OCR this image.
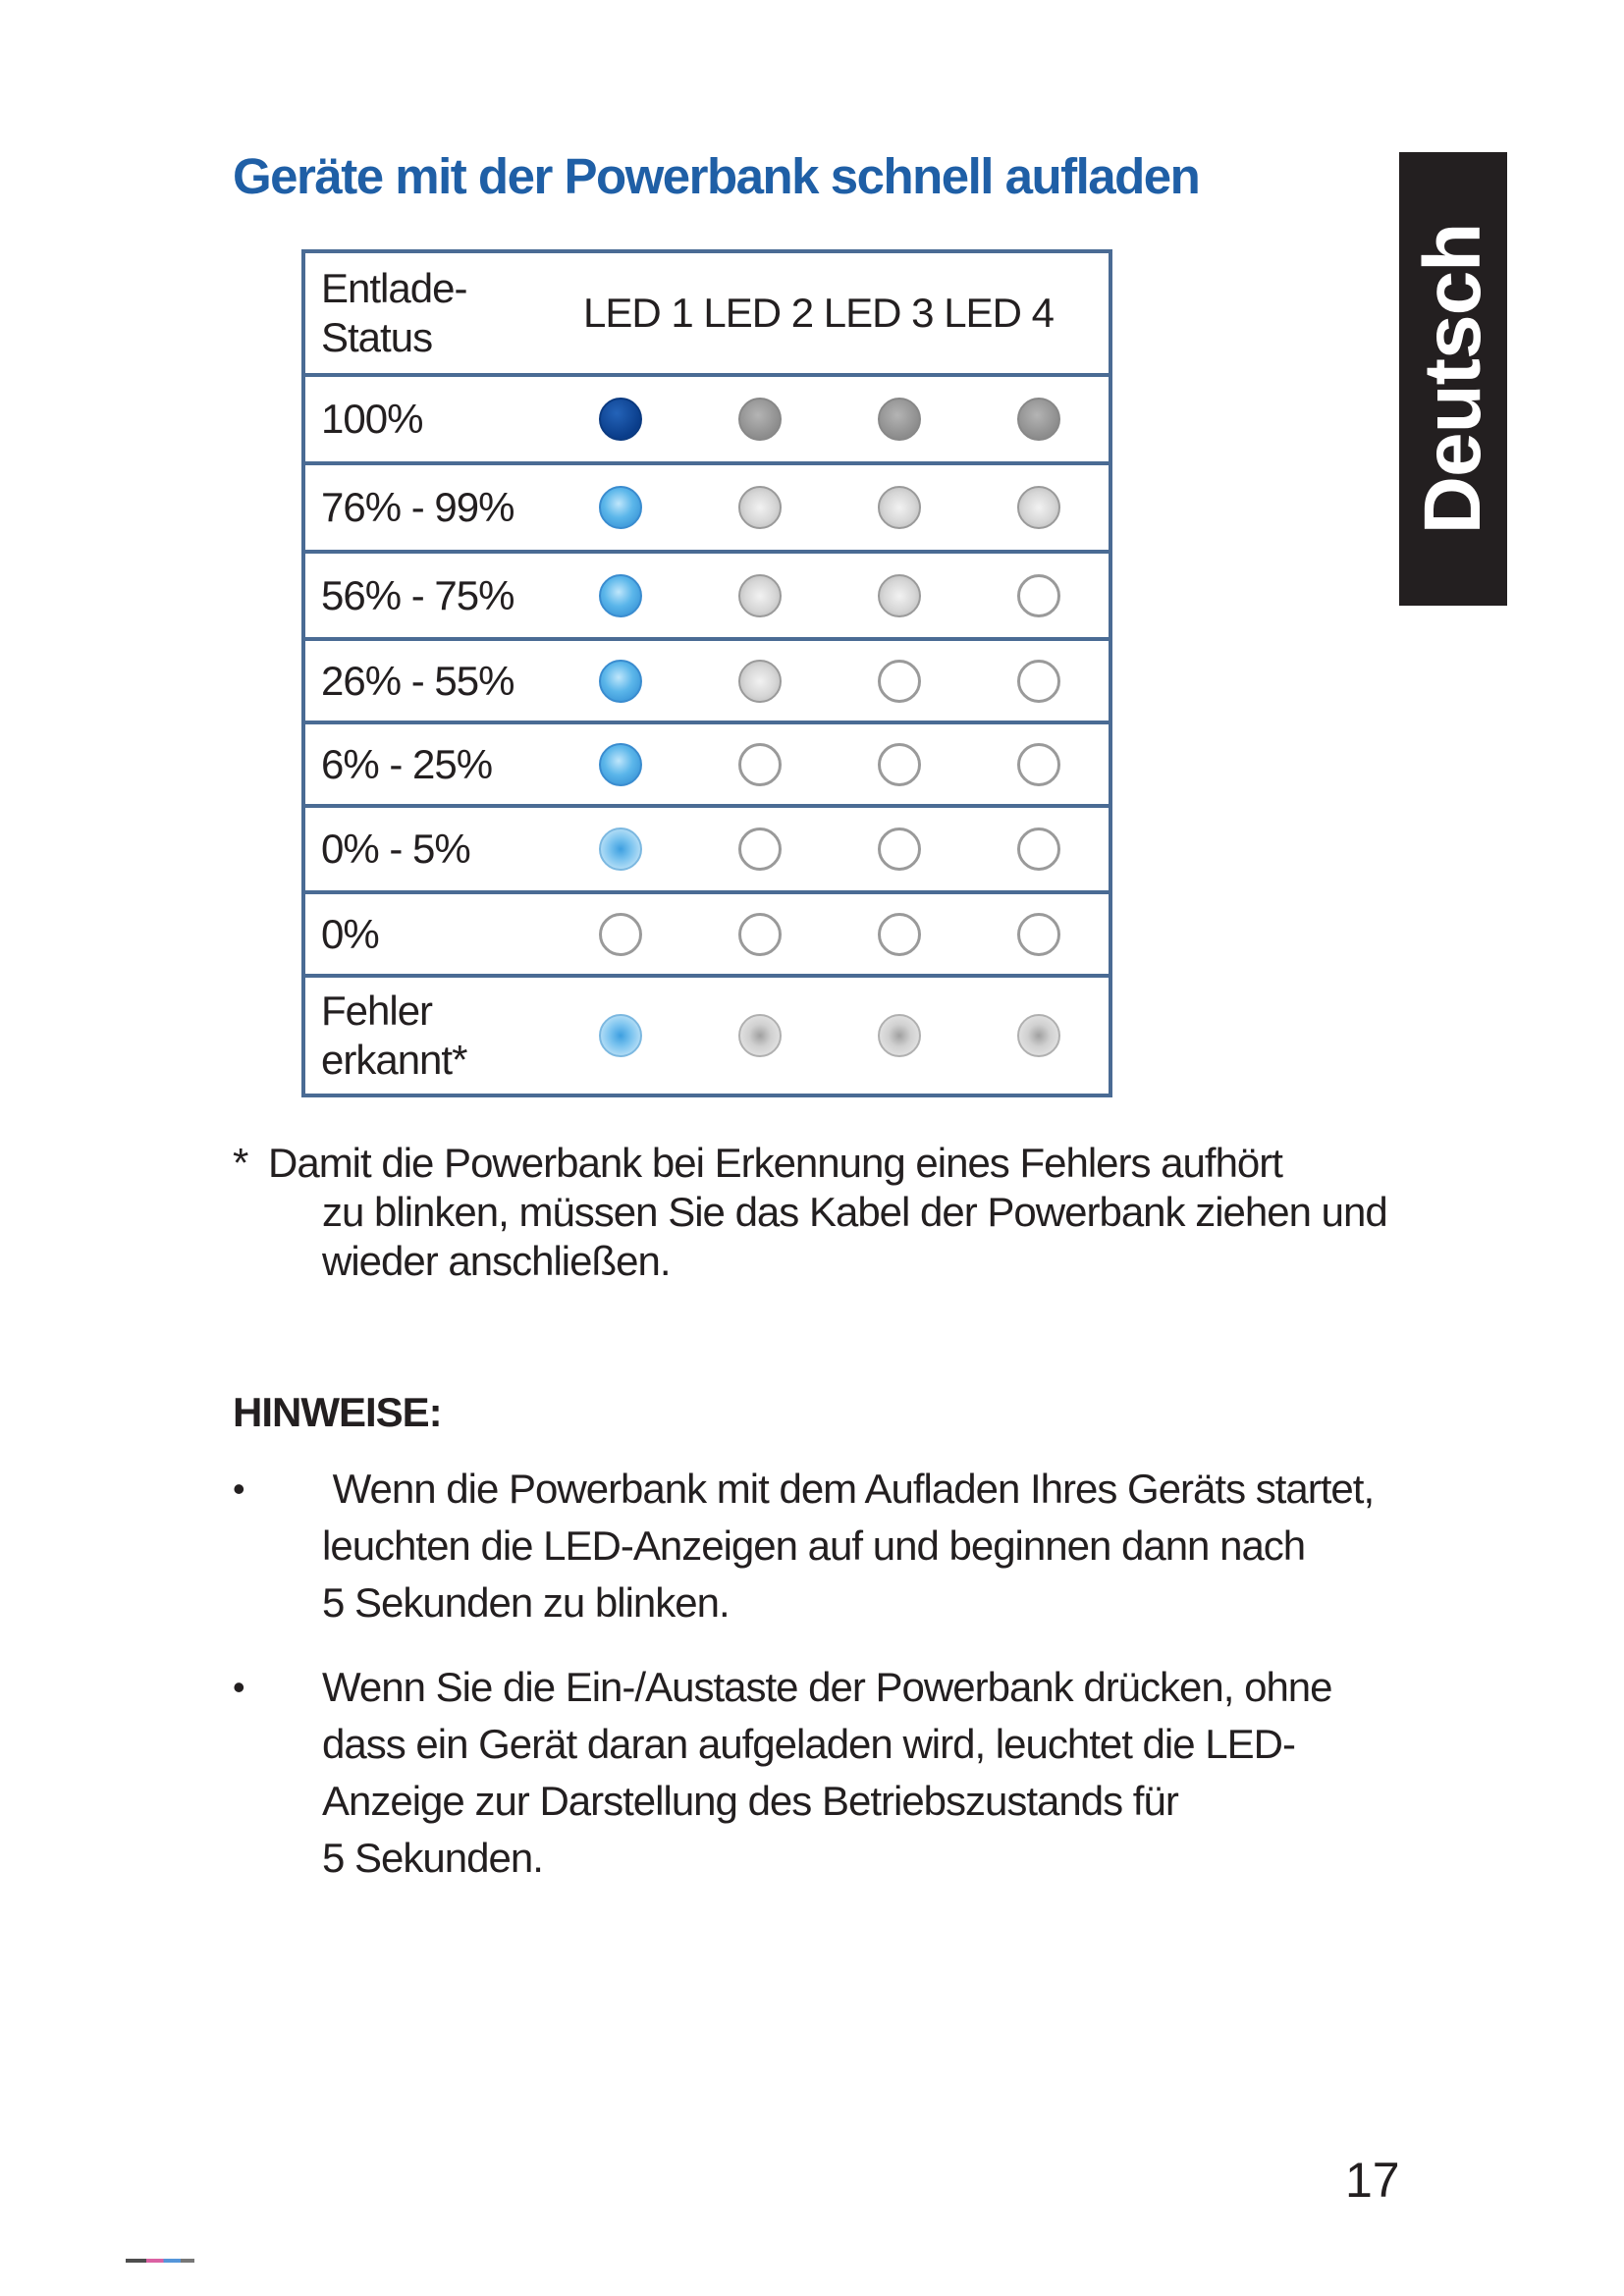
Geräte mit der Powerbank schnell aufladen
Deutsch
Entlade-
Status
LED 1 LED 2 LED 3 LED 4
100%
76% - 99%
56% - 75%
26% - 55%
6% - 25%
0% - 5%
0%
Fehler
erkannt*
* Damit die Powerbank bei Erkennung eines Fehlers aufhört
zu blinken, müssen Sie das Kabel der Powerbank ziehen und
wieder anschließen.

HINWEISE:
•	Wenn die Powerbank mit dem Aufladen Ihres Geräts startet,
leuchten die LED-Anzeigen auf und beginnen dann nach
5 Sekunden zu blinken.

•	Wenn Sie die Ein-/Austaste der Powerbank drücken, ohne
dass ein Gerät daran aufgeladen wird, leuchtet die LED-
Anzeige zur Darstellung des Betriebszustands für
5 Sekunden.

17
